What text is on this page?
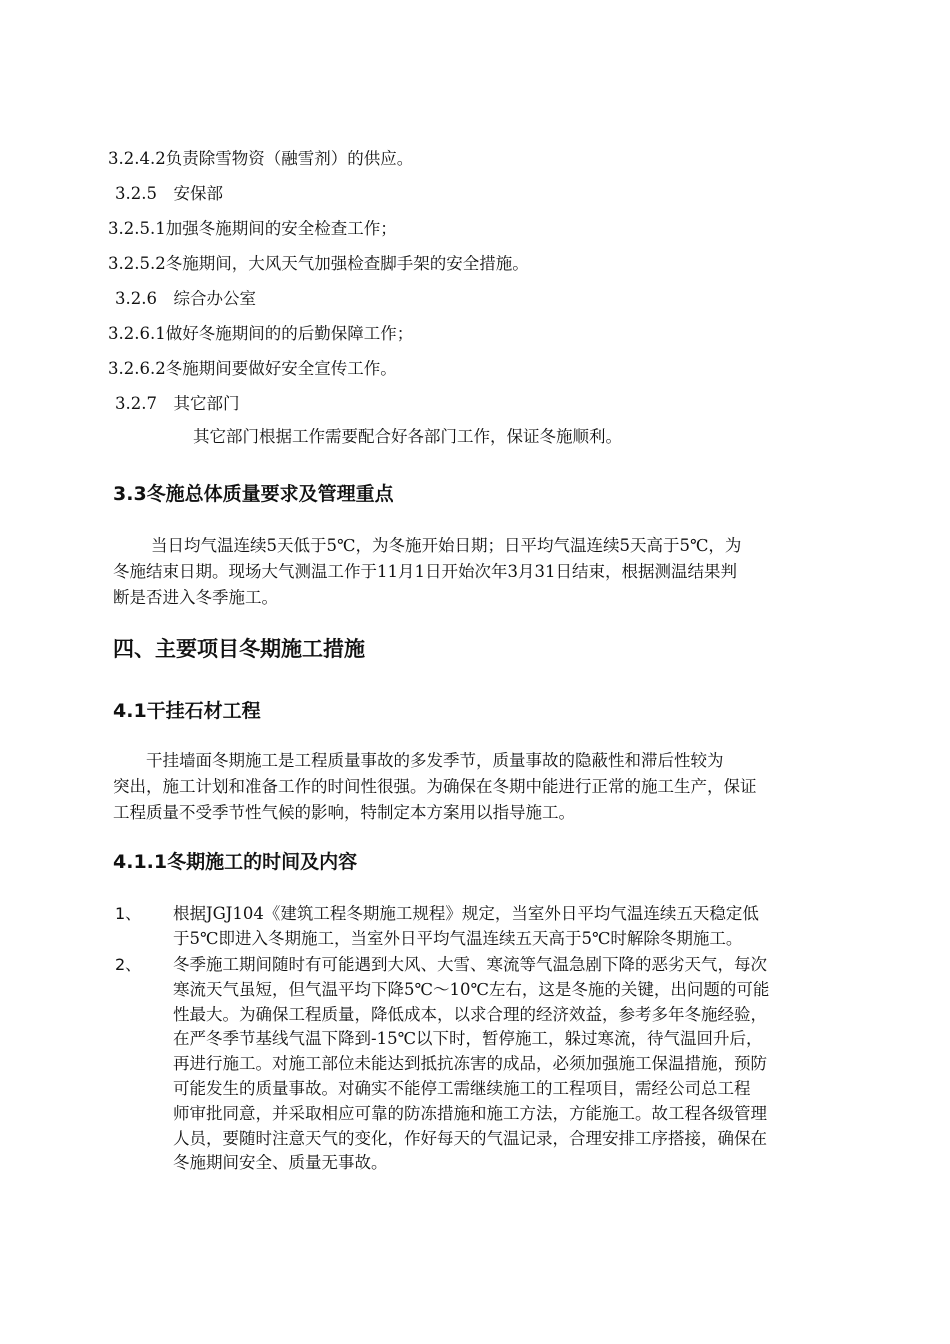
3.2.4.2负责除雪物资（融雪剂）的供应。
3.2.5　安保部
3.2.5.1加强冬施期间的安全检查工作；
3.2.5.2冬施期间，大风天气加强检查脚手架的安全措施。
3.2.6　综合办公室
3.2.6.1做好冬施期间的的后勤保障工作；
3.2.6.2冬施期间要做好安全宣传工作。
3.2.7　其它部门
其它部门根据工作需要配合好各部门工作，保证冬施顺利。
3.3冬施总体质量要求及管理重点
当日均气温连续5天低于5℃，为冬施开始日期；日平均气温连续5天高于5℃，为
冬施结束日期。现场大气测温工作于11月1日开始次年3月31日结束，根据测温结果判
断是否进入冬季施工。
四、主要项目冬期施工措施
4.1干挂石材工程
干挂墙面冬期施工是工程质量事故的多发季节，质量事故的隐蔽性和滞后性较为
突出，施工计划和准备工作的时间性很强。为确保在冬期中能进行正常的施工生产，保证
工程质量不受季节性气候的影响，特制定本方案用以指导施工。
4.1.1冬期施工的时间及内容
1、 根据JGJ104《建筑工程冬期施工规程》规定，当室外日平均气温连续五天稳定低
于5℃即进入冬期施工，当室外日平均气温连续五天高于5℃时解除冬期施工。
2、 冬季施工期间随时有可能遇到大风、大雪、寒流等气温急剧下降的恶劣天气，每次
寒流天气虽短，但气温平均下降5℃～10℃左右，这是冬施的关键，出问题的可能
性最大。为确保工程质量，降低成本，以求合理的经济效益，参考多年冬施经验，
在严冬季节基线气温下降到-15℃以下时，暂停施工，躲过寒流，待气温回升后，
再进行施工。对施工部位未能达到抵抗冻害的成品，必须加强施工保温措施，预防
可能发生的质量事故。对确实不能停工需继续施工的工程项目，需经公司总工程
师审批同意，并采取相应可靠的防冻措施和施工方法，方能施工。故工程各级管理
人员，要随时注意天气的变化，作好每天的气温记录，合理安排工序搭接，确保在
冬施期间安全、质量无事故。
